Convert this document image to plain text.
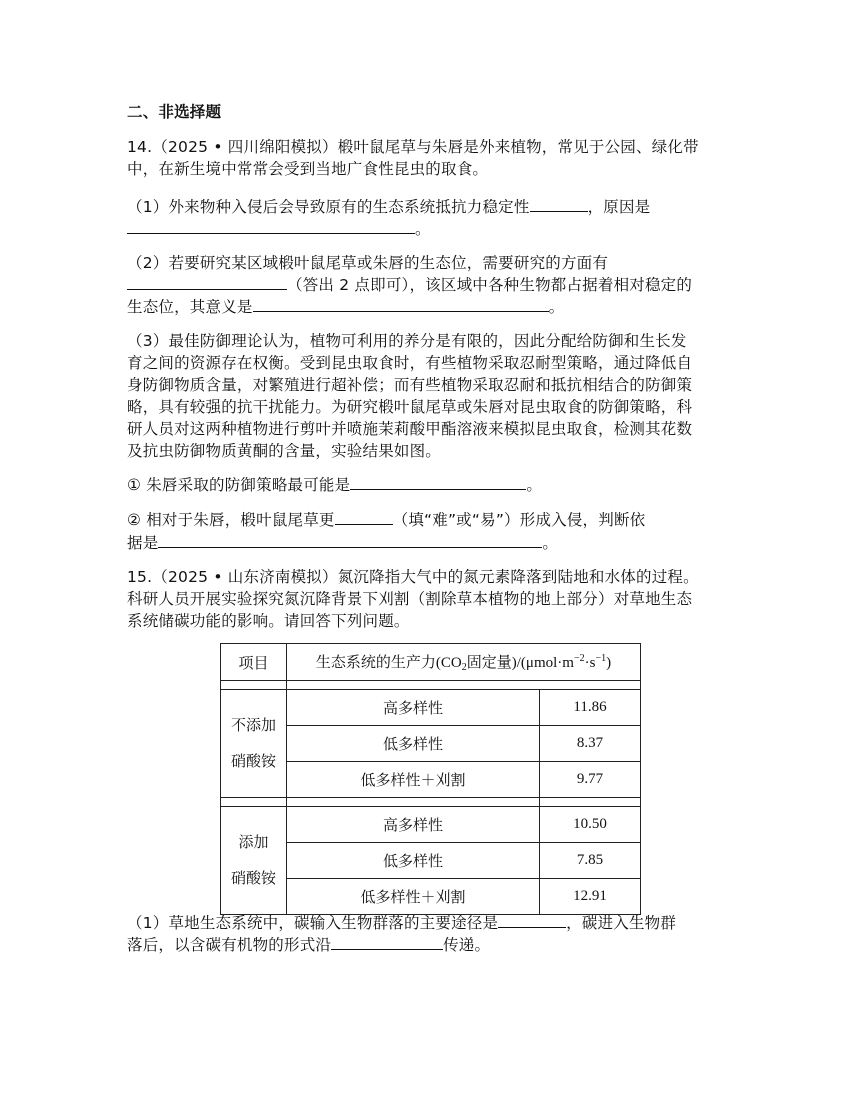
二、非选择题
14.（2025 • 四川绵阳模拟）椴叶鼠尾草与朱唇是外来植物，常见于公园、绿化带
中，在新生境中常常会受到当地广食性昆虫的取食。
（1）外来物种入侵后会导致原有的生态系统抵抗力稳定性	，原因是
。
（2）若要研究某区域椴叶鼠尾草或朱唇的生态位，需要研究的方面有
（答出 2 点即可），该区域中各种生物都占据着相对稳定的
生态位，其意义是	。
（3）最佳防御理论认为，植物可利用的养分是有限的，因此分配给防御和生长发
育之间的资源存在权衡。受到昆虫取食时，有些植物采取忍耐型策略，通过降低自
身防御物质含量，对繁殖进行超补偿；而有些植物采取忍耐和抵抗相结合的防御策
略，具有较强的抗干扰能力。为研究椴叶鼠尾草或朱唇对昆虫取食的防御策略，科
研人员对这两种植物进行剪叶并喷施茉莉酸甲酯溶液来模拟昆虫取食，检测其花数
及抗虫防御物质黄酮的含量，实验结果如图。
① 朱唇采取的防御策略最可能是	。
② 相对于朱唇，椴叶鼠尾草更	（填“难”或“易”）形成入侵，判断依
据是	。
15.（2025 • 山东济南模拟）氮沉降指大气中的氮元素降落到陆地和水体的过程。
科研人员开展实验探究氮沉降背景下刈割（割除草本植物的地上部分）对草地生态
系统储碳功能的影响。请回答下列问题。
项目	生态系统的生产力($CO_2$固定量)$/(\mu mol\cdot m^{-2}\cdot s^{-1})$	

不添加
硝酸铵	高多样性	11.86
	低多样性	8.37
	低多样性＋刈割	9.77

添加
硝酸铵	高多样性	10.50
	低多样性	7.85
	低多样性＋刈割	12.91
（1）草地生态系统中，碳输入生物群落的主要途径是	，碳进入生物群
落后，以含碳有机物的形式沿	传递。
